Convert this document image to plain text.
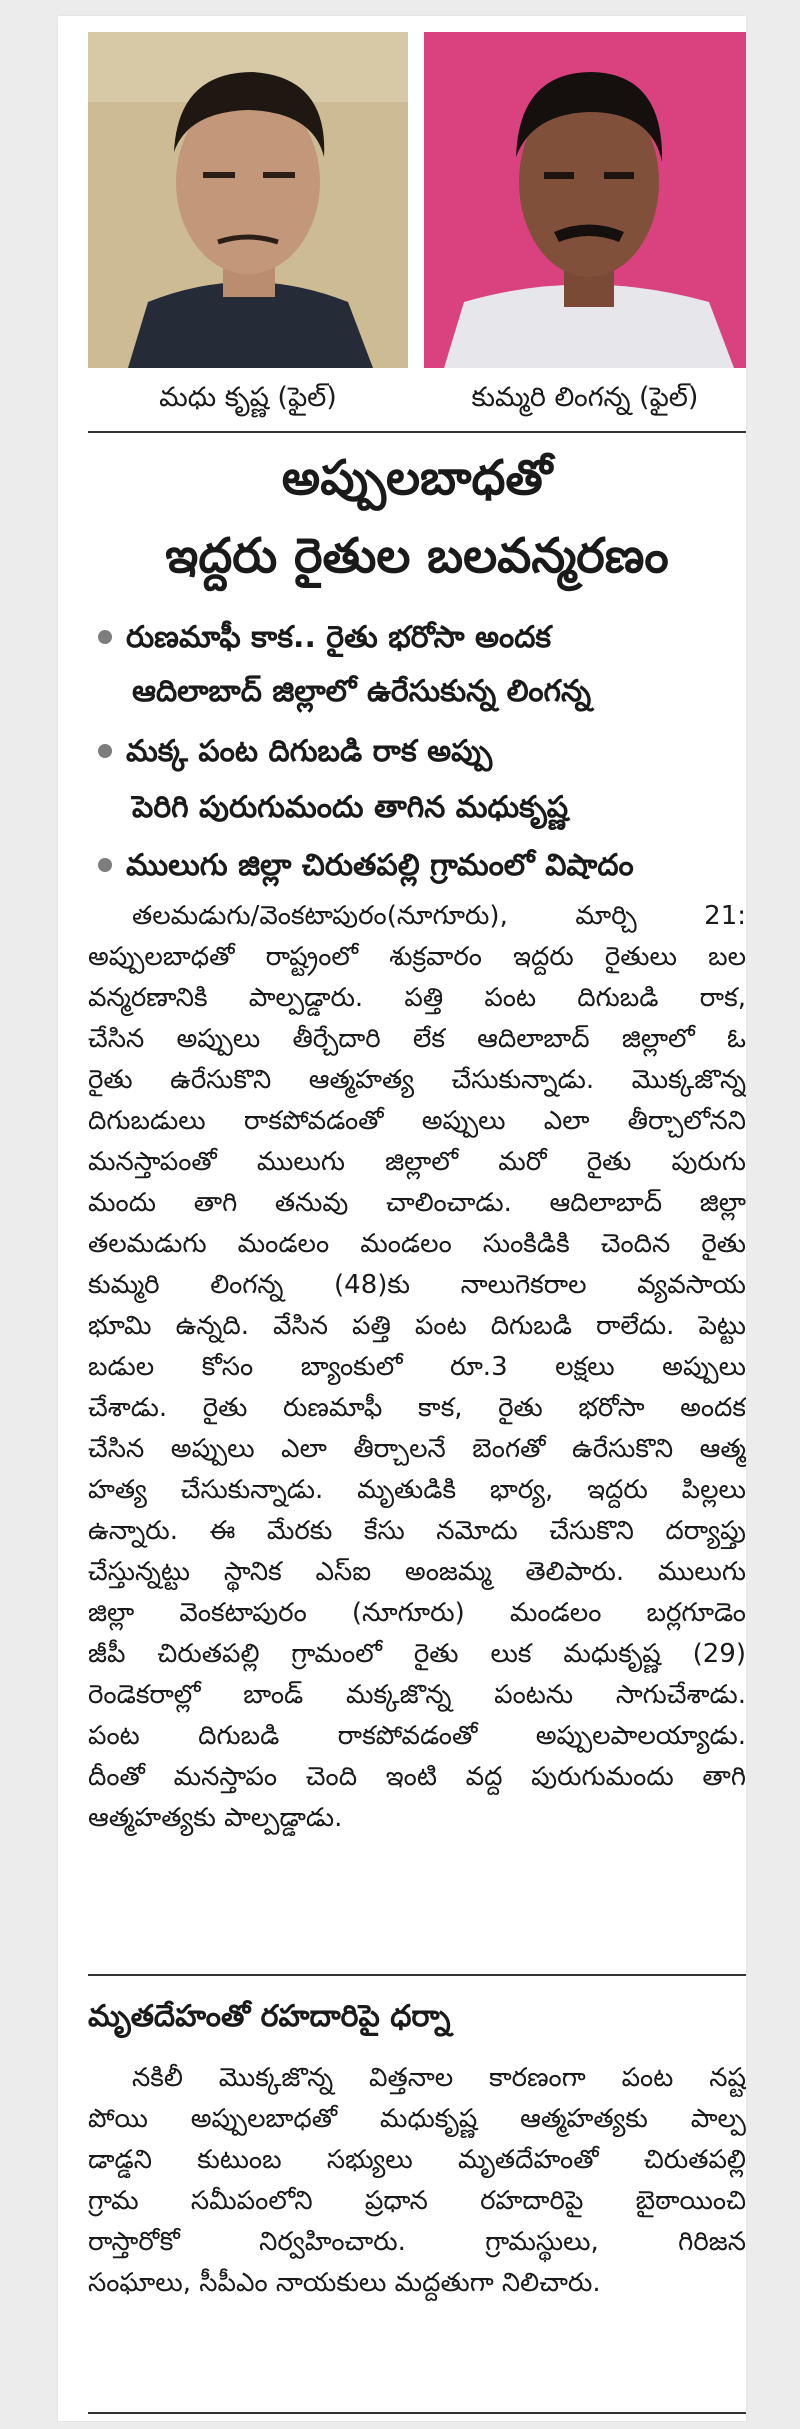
మధు కృష్ణ (ఫైల్)	కుమ్మరి లింగన్న (ఫైల్)
అప్పులబాధతో
ఇద్దరు రైతుల బలవన్మరణం
రుణమాఫీ కాక.. రైతు భరోసా అందక
ఆదిలాబాద్ జిల్లాలో ఉరేసుకున్న లింగన్న
మక్క పంట దిగుబడి రాక అప్పు
పెరిగి పురుగుమందు తాగిన మధుకృష్ణ
ములుగు జిల్లా చిరుతపల్లి గ్రామంలో విషాదం

తలమడుగు/వెంకటాపురం(నూగూరు), మార్చి 21:
అప్పులబాధతో రాష్ట్రంలో శుక్రవారం ఇద్దరు రైతులు బల
వన్మరణానికి పాల్పడ్డారు. పత్తి పంట దిగుబడి రాక,
చేసిన అప్పులు తీర్చేదారి లేక ఆదిలాబాద్ జిల్లాలో ఓ
రైతు ఉరేసుకొని ఆత్మహత్య చేసుకున్నాడు. మొక్కజొన్న
దిగుబడులు రాకపోవడంతో అప్పులు ఎలా తీర్చాలోనని
మనస్తాపంతో ములుగు జిల్లాలో మరో రైతు పురుగు
మందు తాగి తనువు చాలించాడు. ఆదిలాబాద్ జిల్లా
తలమడుగు మండలం మండలం సుంకిడికి చెందిన రైతు
కుమ్మరి లింగన్న (48)కు నాలుగెకరాల వ్యవసాయ
భూమి ఉన్నది. వేసిన పత్తి పంట దిగుబడి రాలేదు. పెట్టు
బడుల కోసం బ్యాంకులో రూ.3 లక్షలు అప్పులు
చేశాడు. రైతు రుణమాఫీ కాక, రైతు భరోసా అందక
చేసిన అప్పులు ఎలా తీర్చాలనే బెంగతో ఉరేసుకొని ఆత్మ
హత్య చేసుకున్నాడు. మృతుడికి భార్య, ఇద్దరు పిల్లలు
ఉన్నారు. ఈ మేరకు కేసు నమోదు చేసుకొని దర్యాప్తు
చేస్తున్నట్టు స్థానిక ఎస్ఐ అంజమ్మ తెలిపారు. ములుగు
జిల్లా వెంకటాపురం (నూగూరు) మండలం బర్లగూడెం
జీపీ చిరుతపల్లి గ్రామంలో రైతు లుక మధుకృష్ణ (29)
రెండెకరాల్లో బాండ్ మక్కజొన్న పంటను సాగుచేశాడు.
పంట దిగుబడి రాకపోవడంతో అప్పులపాలయ్యాడు.
దీంతో మనస్తాపం చెంది ఇంటి వద్ద పురుగుమందు తాగి
ఆత్మహత్యకు పాల్పడ్డాడు.

మృతదేహంతో రహదారిపై ధర్నా

నకిలీ మొక్కజొన్న విత్తనాల కారణంగా పంట నష్ట
పోయి అప్పులబాధతో మధుకృష్ణ ఆత్మహత్యకు పాల్ప
డాడ్డని కుటుంబ సభ్యులు మృతదేహంతో చిరుతపల్లి
గ్రామ సమీపంలోని ప్రధాన రహదారిపై బైఠాయించి
రాస్తారోకో నిర్వహించారు. గ్రామస్థులు, గిరిజన
సంఘాలు, సీపీఎం నాయకులు మద్దతుగా నిలిచారు.
